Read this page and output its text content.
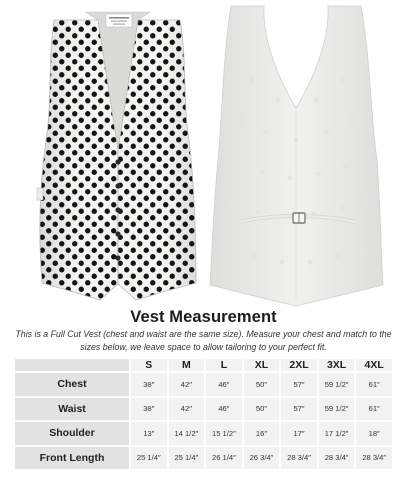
Vest Measurement
This is a Full Cut Vest (chest and waist are the same size). Measure your chest and match to the sizes below, we leave space to allow tailoring to your perfect fit.
	S	M	L	XL	2XL	3XL	4XL
Chest	38″	42″	46″	50″	57″	59 1/2″	61″
Waist	38″	42″	46″	50″	57″	59 1/2″	61″
Shoulder	13″	14 1/2″	15 1/2″	16″	17″	17 1/2″	18″
Front Length	25 1/4″	25 1/4″	26 1/4″	26 3/4″	28 3/4″	28 3/4″	28 3/4″
